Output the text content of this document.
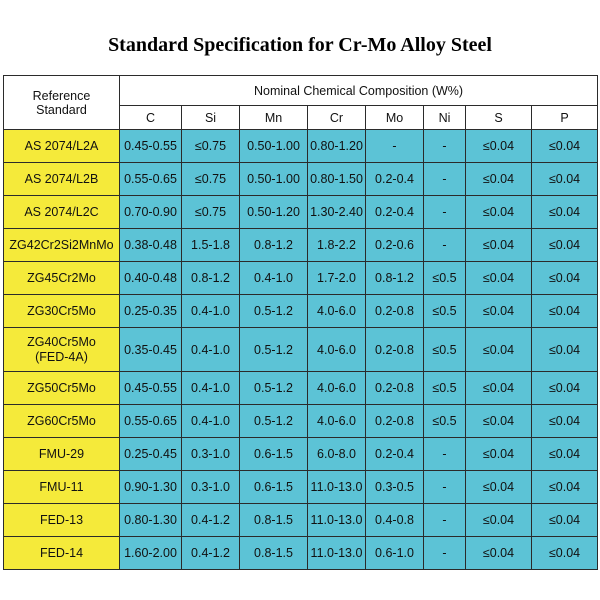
Standard Specification for Cr-Mo Alloy Steel
Reference
Standard	Nominal Chemical Composition (W%)							
	C	Si	Mn	Cr	Mo	Ni	S	P

AS 2074/L2A	0.45-0.55	≤0.75	0.50-1.00	0.80-1.20	-	-	≤0.04	≤0.04

AS 2074/L2B	0.55-0.65	≤0.75	0.50-1.00	0.80-1.50	0.2-0.4	-	≤0.04	≤0.04

AS 2074/L2C	0.70-0.90	≤0.75	0.50-1.20	1.30-2.40	0.2-0.4	-	≤0.04	≤0.04

ZG42Cr2Si2MnMo	0.38-0.48	1.5-1.8	0.8-1.2	1.8-2.2	0.2-0.6	-	≤0.04	≤0.04

ZG45Cr2Mo	0.40-0.48	0.8-1.2	0.4-1.0	1.7-2.0	0.8-1.2	≤0.5	≤0.04	≤0.04

ZG30Cr5Mo	0.25-0.35	0.4-1.0	0.5-1.2	4.0-6.0	0.2-0.8	≤0.5	≤0.04	≤0.04

ZG40Cr5Mo
(FED-4A)	0.35-0.45	0.4-1.0	0.5-1.2	4.0-6.0	0.2-0.8	≤0.5	≤0.04	≤0.04

ZG50Cr5Mo	0.45-0.55	0.4-1.0	0.5-1.2	4.0-6.0	0.2-0.8	≤0.5	≤0.04	≤0.04

ZG60Cr5Mo	0.55-0.65	0.4-1.0	0.5-1.2	4.0-6.0	0.2-0.8	≤0.5	≤0.04	≤0.04

FMU-29	0.25-0.45	0.3-1.0	0.6-1.5	6.0-8.0	0.2-0.4	-	≤0.04	≤0.04

FMU-11	0.90-1.30	0.3-1.0	0.6-1.5	11.0-13.0	0.3-0.5	-	≤0.04	≤0.04

FED-13	0.80-1.30	0.4-1.2	0.8-1.5	11.0-13.0	0.4-0.8	-	≤0.04	≤0.04

FED-14	1.60-2.00	0.4-1.2	0.8-1.5	11.0-13.0	0.6-1.0	-	≤0.04	≤0.04
